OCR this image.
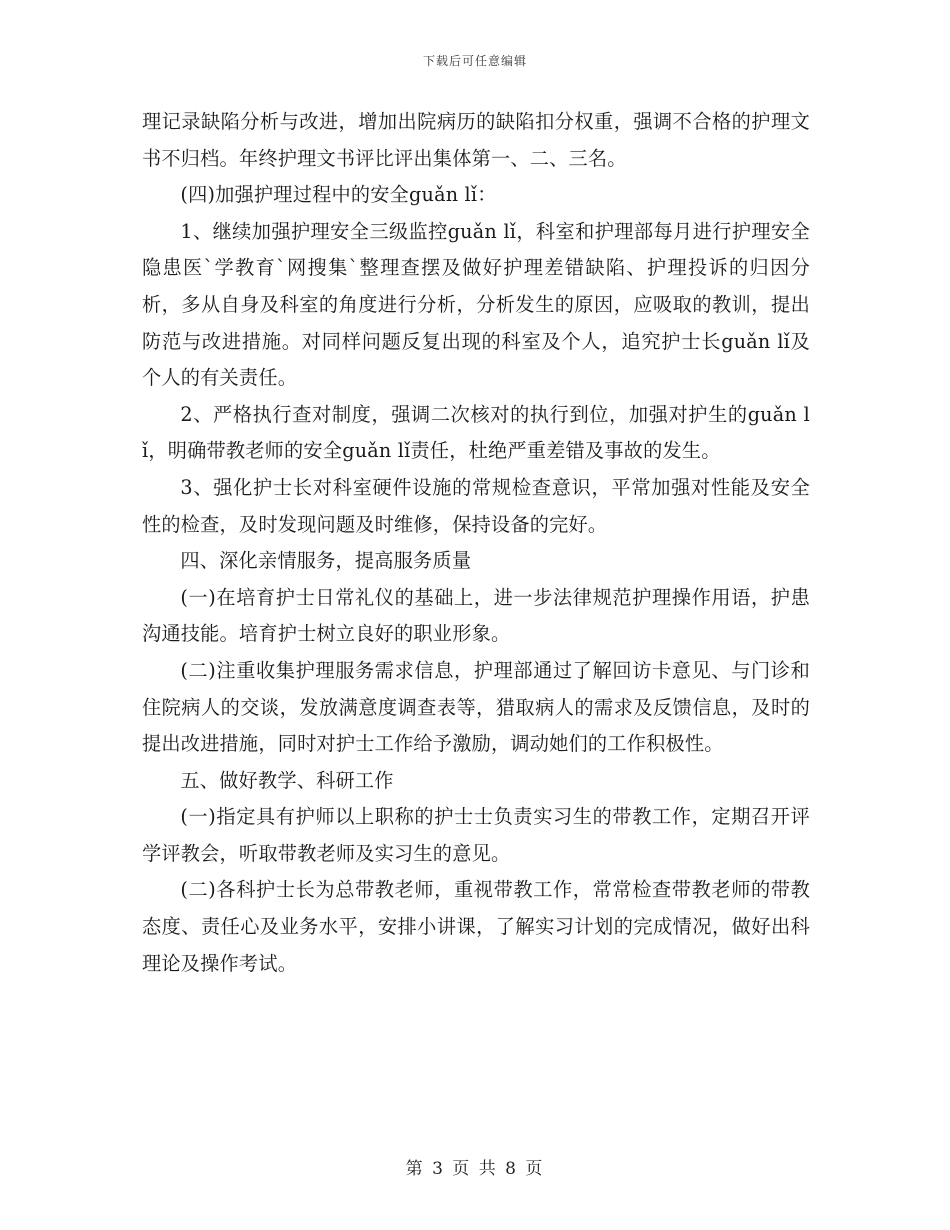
下载后可任意编辑

理记录缺陷分析与改进，增加出院病历的缺陷扣分权重，强调不合格的护理文书不归档。年终护理文书评比评出集体第一、二、三名。

(四)加强护理过程中的安全guǎn lǐ：

1、继续加强护理安全三级监控guǎn lǐ，科室和护理部每月进行护理安全隐患医`学教育`网搜集`整理查摆及做好护理差错缺陷、护理投诉的归因分析，多从自身及科室的角度进行分析，分析发生的原因，应吸取的教训，提出防范与改进措施。对同样问题反复出现的科室及个人，追究护士长guǎn lǐ及个人的有关责任。

2、严格执行查对制度，强调二次核对的执行到位，加强对护生的guǎn lǐ，明确带教老师的安全guǎn lǐ责任，杜绝严重差错及事故的发生。

3、强化护士长对科室硬件设施的常规检查意识，平常加强对性能及安全性的检查，及时发现问题及时维修，保持设备的完好。

四、深化亲情服务，提高服务质量

(一)在培育护士日常礼仪的基础上，进一步法律规范护理操作用语，护患沟通技能。培育护士树立良好的职业形象。

(二)注重收集护理服务需求信息，护理部通过了解回访卡意见、与门诊和住院病人的交谈，发放满意度调查表等，猎取病人的需求及反馈信息，及时的提出改进措施，同时对护士工作给予激励，调动她们的工作积极性。

五、做好教学、科研工作

(一)指定具有护师以上职称的护士士负责实习生的带教工作，定期召开评学评教会，听取带教老师及实习生的意见。

(二)各科护士长为总带教老师，重视带教工作，常常检查带教老师的带教态度、责任心及业务水平，安排小讲课，了解实习计划的完成情况，做好出科理论及操作考试。

第 3 页 共 8 页
